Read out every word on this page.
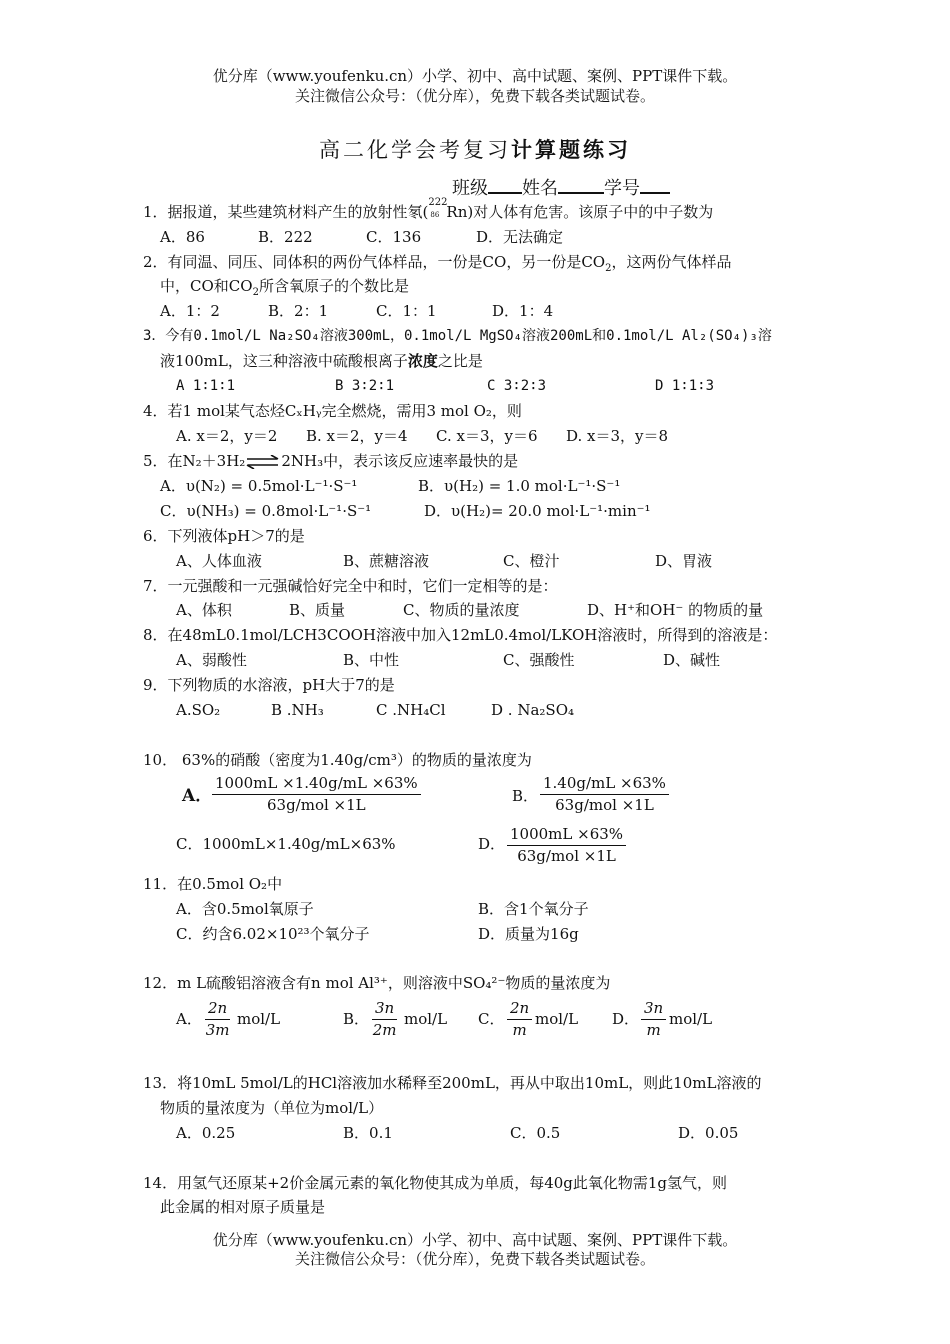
优分库（www.youfenku.cn）小学、初中、高中试题、案例、PPT课件下载。
关注微信公众号：（优分库），免费下载各类试题试卷。
高二化学会考复习计算题练习
班级 姓名	学号
1．据报道，某些建筑材料产生的放射性氡(
222
86 Rn)对人体有危害。该原子中的中子数为
A．86	B．222	C．136	D．无法确定
2．有同温、同压、同体积的两份气体样品，一份是CO，另一份是$CO_2$，这两份气体样品
中，CO和$CO_2$所含氧原子的个数比是
A．1：2	B．2：1	C．1：1	D．1：4
3．今有0.1mol/L Na₂SO₄溶液300mL，0.1mol/L MgSO₄溶液200mL和0.1mol/L Al₂(SO₄)₃溶
液100mL，这三种溶液中硫酸根离子浓度之比是
A 1∶1∶1	B 3∶2∶1	C 3∶2∶3	D 1∶1∶3
4．若1 mol某气态烃CₓHᵧ完全燃烧，需用3 mol O₂，则
A. x＝2，y＝2 B. x＝2，y＝4 C. x＝3，y＝6 D. x＝3，y＝8
5．在N₂＋3H₂⇌2NH₃中，表示该反应速率最快的是
A．υ(N₂) = 0.5mol·L⁻¹·S⁻¹	B．υ(H₂) = 1.0 mol·L⁻¹·S⁻¹
C．υ(NH₃) = 0.8mol·L⁻¹·S⁻¹	D．υ(H₂)= 20.0 mol·L⁻¹·min⁻¹
6．下列液体pH＞7的是
A、人体血液	B、蔗糖溶液	C、橙汁	D、胃液
7．一元强酸和一元强碱恰好完全中和时，它们一定相等的是：
A、体积	B、质量	C、物质的量浓度	D、H⁺和OH⁻ 的物质的量
8．在48mL0.1mol/LCH3COOH溶液中加入12mL0.4mol/LKOH溶液时，所得到的溶液是：
A、弱酸性	B、中性	C、强酸性	D、碱性
9．下列物质的水溶液，pH大于7的是
A.SO₂	B .NH₃	C .NH₄Cl	D . Na₂SO₄
10． 63%的硝酸（密度为1.40g/cm³）的物质的量浓度为
A．
1000mL ×1.40g/mL ×63%
63g/mol ×1L	B．
1.40g/mL ×63%
63g/mol ×1L
C．1000mL×1.40g/mL×63%	D．
1000mL ×63%
63g/mol ×1L
11．在0.5mol O₂中
A．含0.5mol氧原子	B．含1个氧分子
C．约含6.02×10²³个氧分子	D．质量为16g
12．m L硫酸铝溶液含有n mol Al³⁺，则溶液中SO₄²⁻物质的量浓度为
A． $\frac{2n}{3m} mol/L$	B． $\frac{3n}{2m} mol/L$ C． $\frac{2n}{m} mol/L$ D． $\frac{3n}{m} mol/L$
13．将10mL 5mol/L的HCl溶液加水稀释至200mL，再从中取出10mL，则此10mL溶液的
物质的量浓度为（单位为mol/L）
A．0.25	B．0.1	C．0.5	D．0.05
14．用氢气还原某+2价金属元素的氧化物使其成为单质，每40g此氧化物需1g氢气，则
此金属的相对原子质量是
优分库（www.youfenku.cn）小学、初中、高中试题、案例、PPT课件下载。
关注微信公众号：（优分库），免费下载各类试题试卷。
